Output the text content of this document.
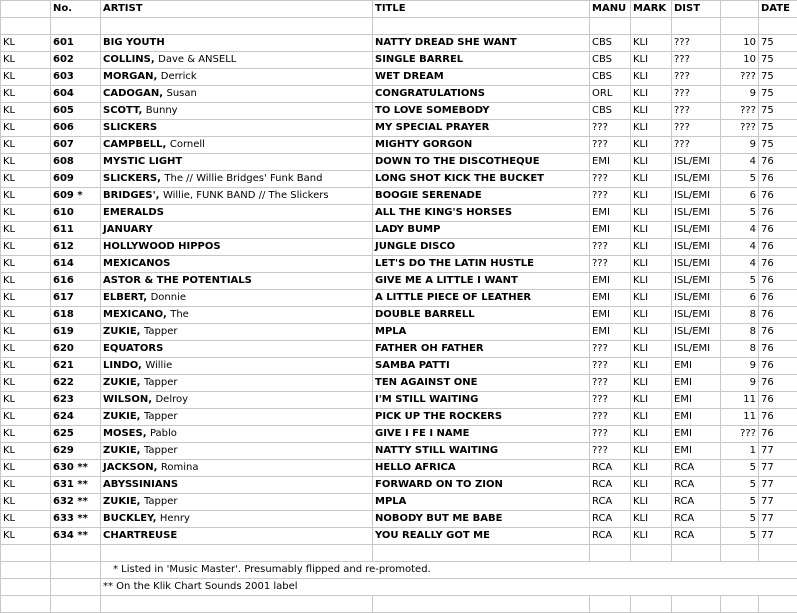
	No.	ARTIST	TITLE	MANU	MARK	DIST		DATE

KL	601	BIG YOUTH	NATTY DREAD SHE WANT	CBS	KLI	???	10	75
KL	602	COLLINS, Dave & ANSELL	SINGLE BARREL	CBS	KLI	???	10	75
KL	603	MORGAN, Derrick	WET DREAM	CBS	KLI	???	???	75
KL	604	CADOGAN, Susan	CONGRATULATIONS	ORL	KLI	???	9	75
KL	605	SCOTT, Bunny	TO LOVE SOMEBODY	CBS	KLI	???	???	75
KL	606	SLICKERS	MY SPECIAL PRAYER	???	KLI	???	???	75
KL	607	CAMPBELL, Cornell	MIGHTY GORGON	???	KLI	???	9	75
KL	608	MYSTIC LIGHT	DOWN TO THE DISCOTHEQUE	EMI	KLI	ISL/EMI	4	76
KL	609	SLICKERS, The // Willie Bridges' Funk Band	LONG SHOT KICK THE BUCKET	???	KLI	ISL/EMI	5	76
KL	609 *	BRIDGES', Willie, FUNK BAND // The Slickers	BOOGIE SERENADE	???	KLI	ISL/EMI	6	76
KL	610	EMERALDS	ALL THE KING'S HORSES	EMI	KLI	ISL/EMI	5	76
KL	611	JANUARY	LADY BUMP	EMI	KLI	ISL/EMI	4	76
KL	612	HOLLYWOOD HIPPOS	JUNGLE DISCO	???	KLI	ISL/EMI	4	76
KL	614	MEXICANOS	LET'S DO THE LATIN HUSTLE	???	KLI	ISL/EMI	4	76
KL	616	ASTOR & THE POTENTIALS	GIVE ME A LITTLE I WANT	EMI	KLI	ISL/EMI	5	76
KL	617	ELBERT, Donnie	A LITTLE PIECE OF LEATHER	EMI	KLI	ISL/EMI	6	76
KL	618	MEXICANO, The	DOUBLE BARRELL	EMI	KLI	ISL/EMI	8	76
KL	619	ZUKIE, Tapper	MPLA	EMI	KLI	ISL/EMI	8	76
KL	620	EQUATORS	FATHER OH FATHER	???	KLI	ISL/EMI	8	76
KL	621	LINDO, Willie	SAMBA PATTI	???	KLI	EMI	9	76
KL	622	ZUKIE, Tapper	TEN AGAINST ONE	???	KLI	EMI	9	76
KL	623	WILSON, Delroy	I'M STILL WAITING	???	KLI	EMI	11	76
KL	624	ZUKIE, Tapper	PICK UP THE ROCKERS	???	KLI	EMI	11	76
KL	625	MOSES, Pablo	GIVE I FE I NAME	???	KLI	EMI	???	76
KL	629	ZUKIE, Tapper	NATTY STILL WAITING	???	KLI	EMI	1	77
KL	630 **	JACKSON, Romina	HELLO AFRICA	RCA	KLI	RCA	5	77
KL	631 **	ABYSSINIANS	FORWARD ON TO ZION	RCA	KLI	RCA	5	77
KL	632 **	ZUKIE, Tapper	MPLA	RCA	KLI	RCA	5	77
KL	633 **	BUCKLEY, Henry	NOBODY BUT ME BABE	RCA	KLI	RCA	5	77
KL	634 **	CHARTREUSE	YOU REALLY GOT ME	RCA	KLI	RCA	5	77

		* Listed in 'Music Master'. Presumably flipped and re-promoted.						
		** On the Klik Chart Sounds 2001 label						
